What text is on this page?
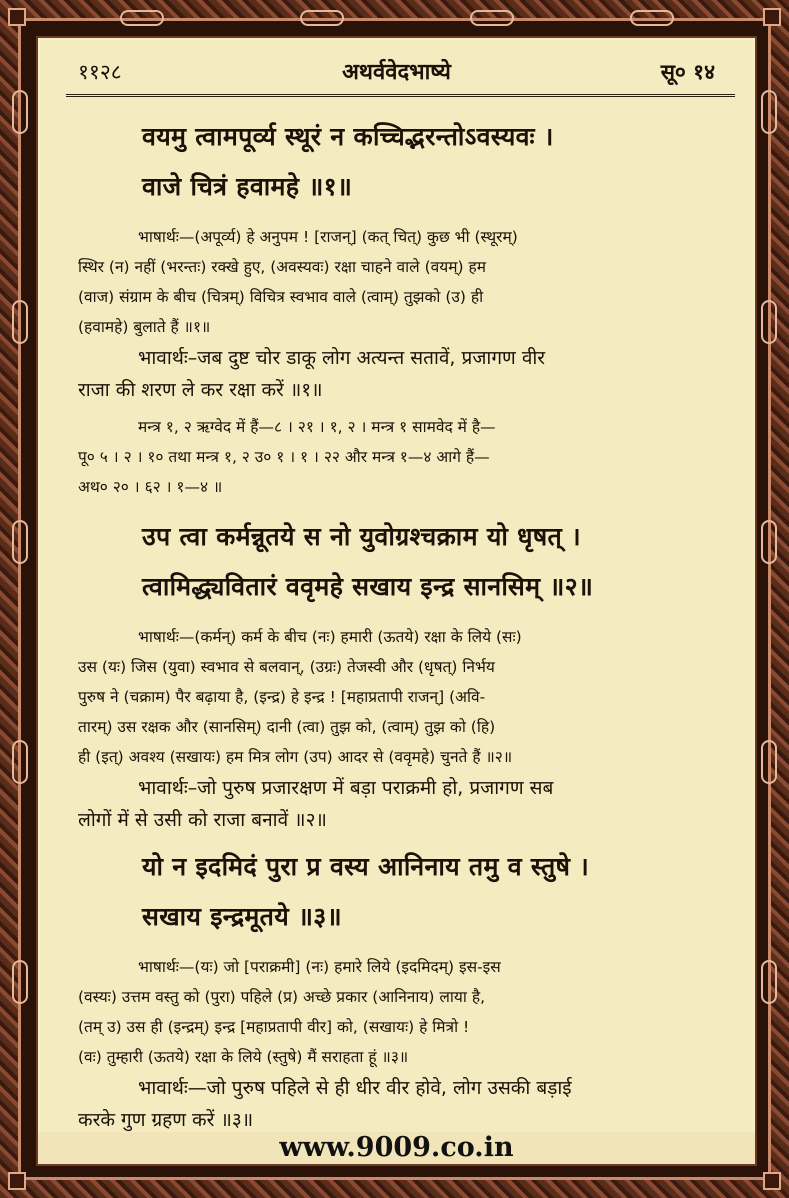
११२८	अथर्ववेदभाष्ये	सू० १४
वयमु त्वामपूर्व्य स्थूरं न कच्चिद्भरन्तोऽवस्यवः ।
वाजे चित्रं हवामहे ॥१॥
भाषार्थः—(अपूर्व्य) हे अनुपम ! [राजन्] (कत् चित्) कुछ भी (स्थूरम्)
स्थिर (न) नहीं (भरन्तः) रक्खे हुए, (अवस्यवः) रक्षा चाहने वाले (वयम्) हम
(वाज) संग्राम के बीच (चित्रम्) विचित्र स्वभाव वाले (त्वाम्) तुझको (उ) ही
(हवामहे) बुलाते हैं ॥१॥
भावार्थः–जब दुष्ट चोर डाकू लोग अत्यन्त सतावें, प्रजागण वीर
राजा की शरण ले कर रक्षा करें ॥१॥
मन्त्र १, २ ऋग्वेद में हैं—८ । २१ । १, २ । मन्त्र १ सामवेद में है—
पू० ५ । २ । १० तथा मन्त्र १, २ उ० १ । १ । २२ और मन्त्र १—४ आगे हैं—
अथ० २० । ६२ । १—४ ॥
उप त्वा कर्मन्नूतये स नो युवोग्रश्चक्राम यो धृषत् ।
त्वामिद्ध्यवितारं ववृमहे सखाय इन्द्र सानसिम् ॥२॥
भाषार्थः—(कर्मन्) कर्म के बीच (नः) हमारी (ऊतये) रक्षा के लिये (सः)
उस (यः) जिस (युवा) स्वभाव से बलवान्, (उग्रः) तेजस्वी और (धृषत्) निर्भय
पुरुष ने (चक्राम) पैर बढ़ाया है, (इन्द्र) हे इन्द्र ! [महाप्रतापी राजन्] (अवि-
तारम्) उस रक्षक और (सानसिम्) दानी (त्वा) तुझ को, (त्वाम्) तुझ को (हि)
ही (इत्) अवश्य (सखायः) हम मित्र लोग (उप) आदर से (ववृमहे) चुनते हैं ॥२॥
भावार्थः–जो पुरुष प्रजारक्षण में बड़ा पराक्रमी हो, प्रजागण सब
लोगों में से उसी को राजा बनावें ॥२॥
यो न इदमिदं पुरा प्र वस्य आनिनाय तमु व स्तुषे ।
सखाय इन्द्रमूतये ॥३॥
भाषार्थः—(यः) जो [पराक्रमी] (नः) हमारे लिये (इदमिदम्) इस-इस
(वस्यः) उत्तम वस्तु को (पुरा) पहिले (प्र) अच्छे प्रकार (आनिनाय) लाया है,
(तम् उ) उस ही (इन्द्रम्) इन्द्र [महाप्रतापी वीर] को, (सखायः) हे मित्रो !
(वः) तुम्हारी (ऊतये) रक्षा के लिये (स्तुषे) मैं सराहता हूं ॥३॥
भावार्थः—जो पुरुष पहिले से ही धीर वीर होवे, लोग उसकी बड़ाई
करके गुण ग्रहण करें ॥३॥
www.9009.co.in
